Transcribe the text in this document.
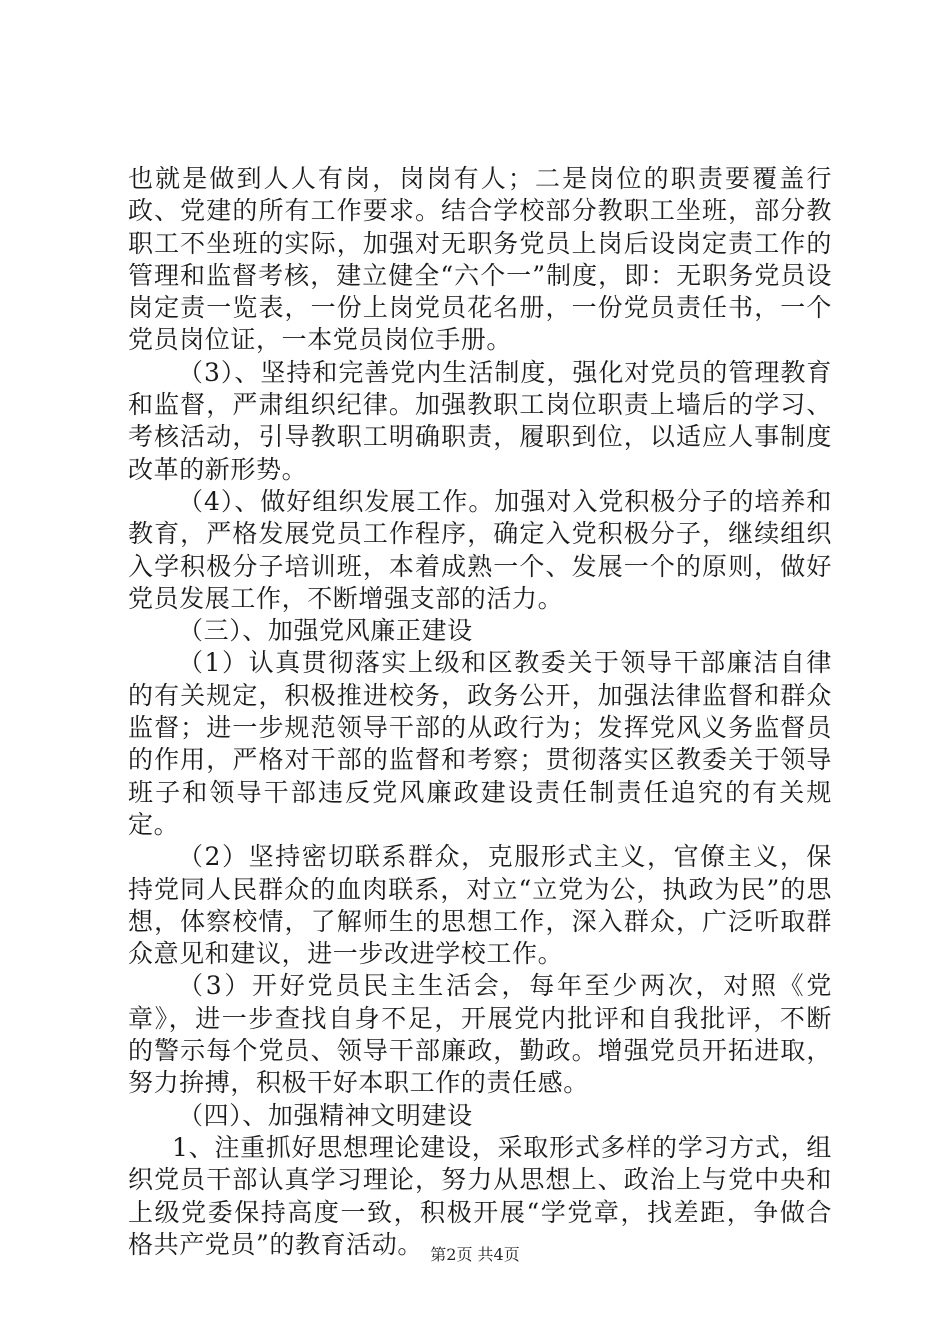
也就是做到人人有岗，岗岗有人；二是岗位的职责要覆盖行政、党建的所有工作要求。结合学校部分教职工坐班，部分教职工不坐班的实际，加强对无职务党员上岗后设岗定责工作的管理和监督考核，建立健全“六个一”制度，即：无职务党员设岗定责一览表，一份上岗党员花名册，一份党员责任书，一个党员岗位证，一本党员岗位手册。

（3）、坚持和完善党内生活制度，强化对党员的管理教育和监督，严肃组织纪律。加强教职工岗位职责上墙后的学习、考核活动，引导教职工明确职责，履职到位，以适应人事制度改革的新形势。

（4）、做好组织发展工作。加强对入党积极分子的培养和教育，严格发展党员工作程序，确定入党积极分子，继续组织入学积极分子培训班，本着成熟一个、发展一个的原则，做好党员发展工作，不断增强支部的活力。

（三）、加强党风廉正建设

（1）认真贯彻落实上级和区教委关于领导干部廉洁自律的有关规定，积极推进校务，政务公开，加强法律监督和群众监督；进一步规范领导干部的从政行为；发挥党风义务监督员的作用，严格对干部的监督和考察；贯彻落实区教委关于领导班子和领导干部违反党风廉政建设责任制责任追究的有关规定。

（2）坚持密切联系群众，克服形式主义，官僚主义，保持党同人民群众的血肉联系，对立“立党为公，执政为民”的思想，体察校情，了解师生的思想工作，深入群众，广泛听取群众意见和建议，进一步改进学校工作。

（3）开好党员民主生活会，每年至少两次，对照《党章》，进一步查找自身不足，开展党内批评和自我批评，不断的警示每个党员、领导干部廉政，勤政。增强党员开拓进取，努力拚搏，积极干好本职工作的责任感。

（四）、加强精神文明建设

1、注重抓好思想理论建设，采取形式多样的学习方式，组织党员干部认真学习理论，努力从思想上、政治上与党中央和上级党委保持高度一致，积极开展“学党章，找差距，争做合格共产党员”的教育活动。 第2页 共4页
